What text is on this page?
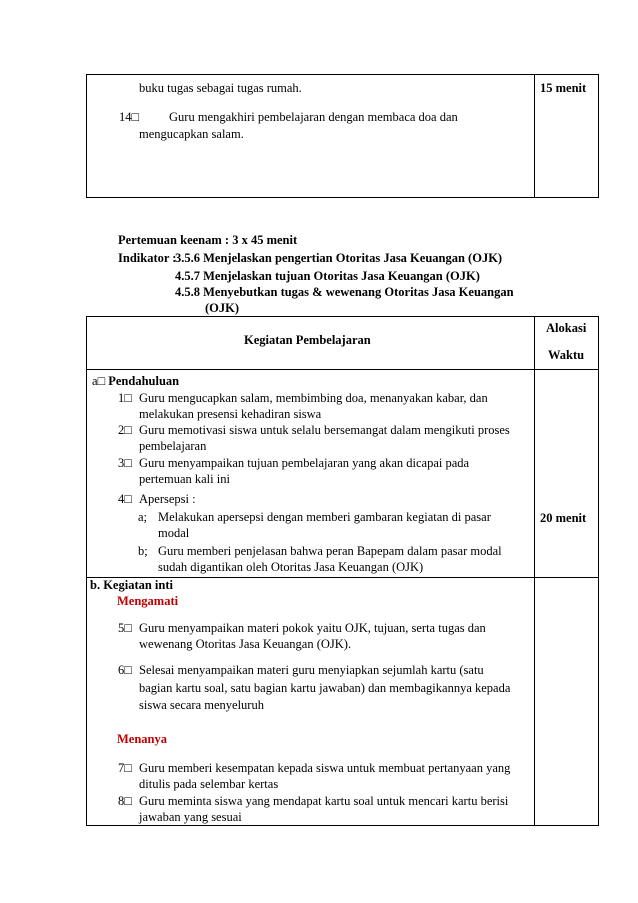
buku tugas sebagai tugas rumah.
14□ Guru mengakhiri pembelajaran dengan membaca doa dan
mengucapkan salam.
15 menit
Pertemuan keenam : 3 x 45 menit
Indikator :
3.5.6 Menjelaskan pengertian Otoritas Jasa Keuangan (OJK)
4.5.7 Menjelaskan tujuan Otoritas Jasa Keuangan (OJK)
4.5.8 Menyebutkan tugas & wewenang Otoritas Jasa Keuangan
(OJK)
Kegiatan Pembelajaran
Alokasi
Waktu
a□ Pendahuluan
1□ Guru mengucapkan salam, membimbing doa, menanyakan kabar, dan
melakukan presensi kehadiran siswa
2□ Guru memotivasi siswa untuk selalu bersemangat dalam mengikuti proses
pembelajaran
3□ Guru menyampaikan tujuan pembelajaran yang akan dicapai pada
pertemuan kali ini
4□ Apersepsi :
a; Melakukan apersepsi dengan memberi gambaran kegiatan di pasar
modal
b; Guru memberi penjelasan bahwa peran Bapepam dalam pasar modal
sudah digantikan oleh Otoritas Jasa Keuangan (OJK)
20 menit
b. Kegiatan inti
Mengamati
5□ Guru menyampaikan materi pokok yaitu OJK, tujuan, serta tugas dan
wewenang Otoritas Jasa Keuangan (OJK).
6□ Selesai menyampaikan materi guru menyiapkan sejumlah kartu (satu
bagian kartu soal, satu bagian kartu jawaban) dan membagikannya kepada
siswa secara menyeluruh
Menanya
7□ Guru memberi kesempatan kepada siswa untuk membuat pertanyaan yang
ditulis pada selembar kertas
8□ Guru meminta siswa yang mendapat kartu soal untuk mencari kartu berisi
jawaban yang sesuai
